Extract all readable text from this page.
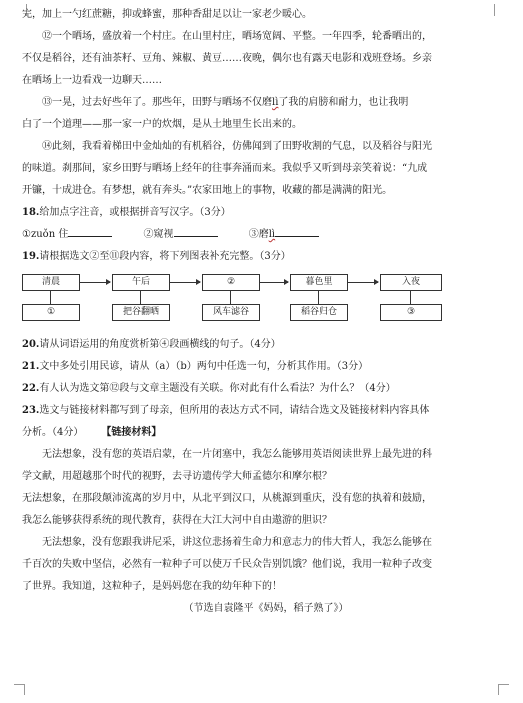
完，加上一勺红蔗糖，抑或蜂蜜，那种香甜足以让一家老少暖心。

⑫一个晒场，盛放着一个村庄。在山里村庄，晒场宽阔、平整。一年四季，轮番晒出的，

不仅是稻谷，还有油茶籽、豆角、辣椒、黄豆……夜晚，偶尔也有露天电影和戏班登场。乡亲

在晒场上一边看戏一边聊天……

⑬一晃，过去好些年了。那些年，田野与晒场不仅磨lì了我的肩膀和耐力，也让我明

白了一个道理——那一家一户的炊烟，是从土地里生长出来的。

⑭此刻，我看着梯田中金灿灿的有机稻谷，仿佛闻到了田野收割的气息，以及稻谷与阳光

的味道。刹那间，家乡田野与晒场上经年的往事奔涌而来。我似乎又听到母亲笑着说：“九成

开镰，十成进仓。有梦想，就有奔头。”农家田地上的事物，收藏的都是满满的阳光。

18.给加点字注音，或根据拼音写汉字。（3分）

①zuǒn 住	②窥视	③磨lì

19.请根据选文②至⑪段内容，将下列图表补充完整。（3分）

清晨	午后	②	暮色里	入夜
①	把谷翻晒	风车滤谷	稻谷归仓	③

20.请从词语运用的角度赏析第④段画横线的句子。（4分）

21.文中多处引用民谚，请从（a）（b）两句中任选一句，分析其作用。（3分）

22.有人认为选文第⑫段与文章主题没有关联。你对此有什么看法？为什么？（4分）

23.选文与链接材料都写到了母亲，但所用的表达方式不同，请结合选文及链接材料内容具体

分析。（4分） 【链接材料】

无法想象，没有您的英语启蒙，在一片闭塞中，我怎么能够用英语阅读世界上最先进的科

学文献，用超越那个时代的视野，去寻访遗传学大师孟德尔和摩尔根？

无法想象，在那段颠沛流离的岁月中，从北平到汉口，从桃源到重庆，没有您的执着和鼓励，

我怎么能够获得系统的现代教育，获得在大江大河中自由遨游的胆识？

无法想象，没有您跟我讲尼采，讲这位悲扬着生命力和意志力的伟大哲人，我怎么能够在

千百次的失败中坚信，必然有一粒种子可以使万千民众告别饥饿？他们说，我用一粒种子改变

了世界。我知道，这粒种子，是妈妈您在我的幼年种下的！

（节选自袁隆平《妈妈，稻子熟了》）
